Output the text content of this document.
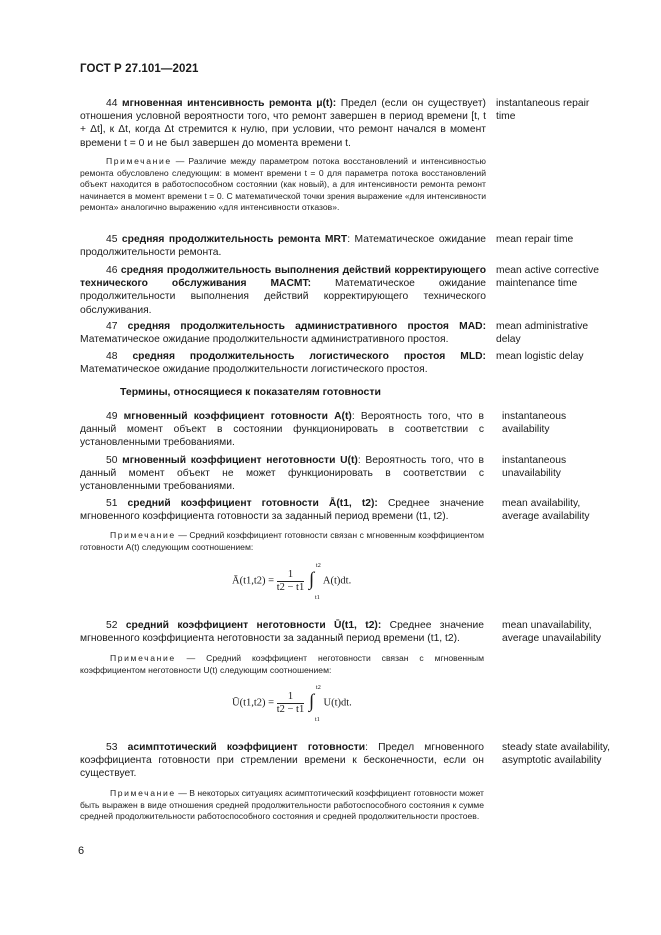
ГОСТ Р 27.101—2021
44 мгновенная интенсивность ремонта μ(t): Предел (если он существует) отношения условной вероятности того, что ремонт завершен в период времени [t, t + Δt], к Δt, когда Δt стремится к нулю, при условии, что ремонт начался в момент времени t = 0 и не был завершен до момента времени t.
instantaneous repair time
Примечание — Различие между параметром потока восстановлений и интенсивностью ремонта обусловлено следующим: в момент времени t = 0 для параметра потока восстановлений объект находится в работоспособном состоянии (как новый), а для интенсивности ремонта ремонт начинается в момент времени t = 0. С математической точки зрения выражение «для интенсивности ремонта» аналогично выражению «для интенсивности отказов».
45 средняя продолжительность ремонта MRT: Математическое ожидание продолжительности ремонта.
mean repair time
46 средняя продолжительность выполнения действий корректирующего технического обслуживания MACMT: Математическое ожидание продолжительности выполнения действий корректирующего технического обслуживания.
mean active corrective maintenance time
47 средняя продолжительность административного простоя MAD: Математическое ожидание продолжительности административного простоя.
mean administrative delay
48 средняя продолжительность логистического простоя MLD: Математическое ожидание продолжительности логистического простоя.
mean logistic delay
Термины, относящиеся к показателям готовности
49 мгновенный коэффициент готовности A(t): Вероятность того, что в данный момент объект в состоянии функционировать в соответствии с установленными требованиями.
instantaneous availability
50 мгновенный коэффициент неготовности U(t): Вероятность того, что в данный момент объект не может функционировать в соответствии с установленными требованиями.
instantaneous unavailability
51 средний коэффициент готовности Ā(t1, t2): Среднее значение мгновенного коэффициента готовности за заданный период времени (t1, t2).
mean availability, average availability
Примечание — Средний коэффициент готовности связан с мгновенным коэффициентом готовности A(t) следующим соотношением:
Ā(t1,t2) = $\frac{1}{t2 - t1}$

t2
∫
t1
A(t)dt.
52 средний коэффициент неготовности Ū(t1, t2): Среднее значение мгновенного коэффициента неготовности за заданный период времени (t1, t2).
mean unavailability, average unavailability
Примечание — Средний коэффициент неготовности связан с мгновенным коэффициентом неготовности U(t) следующим соотношением:
Ū(t1,t2) = $\frac{1}{t2 - t1}$

t2
∫
t1
U(t)dt.
53 асимптотический коэффициент готовности: Предел мгновенного коэффициента готовности при стремлении времени к бесконечности, если он существует.
steady state availability, asymptotic availability
Примечание — В некоторых ситуациях асимптотический коэффициент готовности может быть выражен в виде отношения средней продолжительности работоспособного состояния к сумме средней продолжительности работоспособного состояния и средней продолжительности простоев.
6
